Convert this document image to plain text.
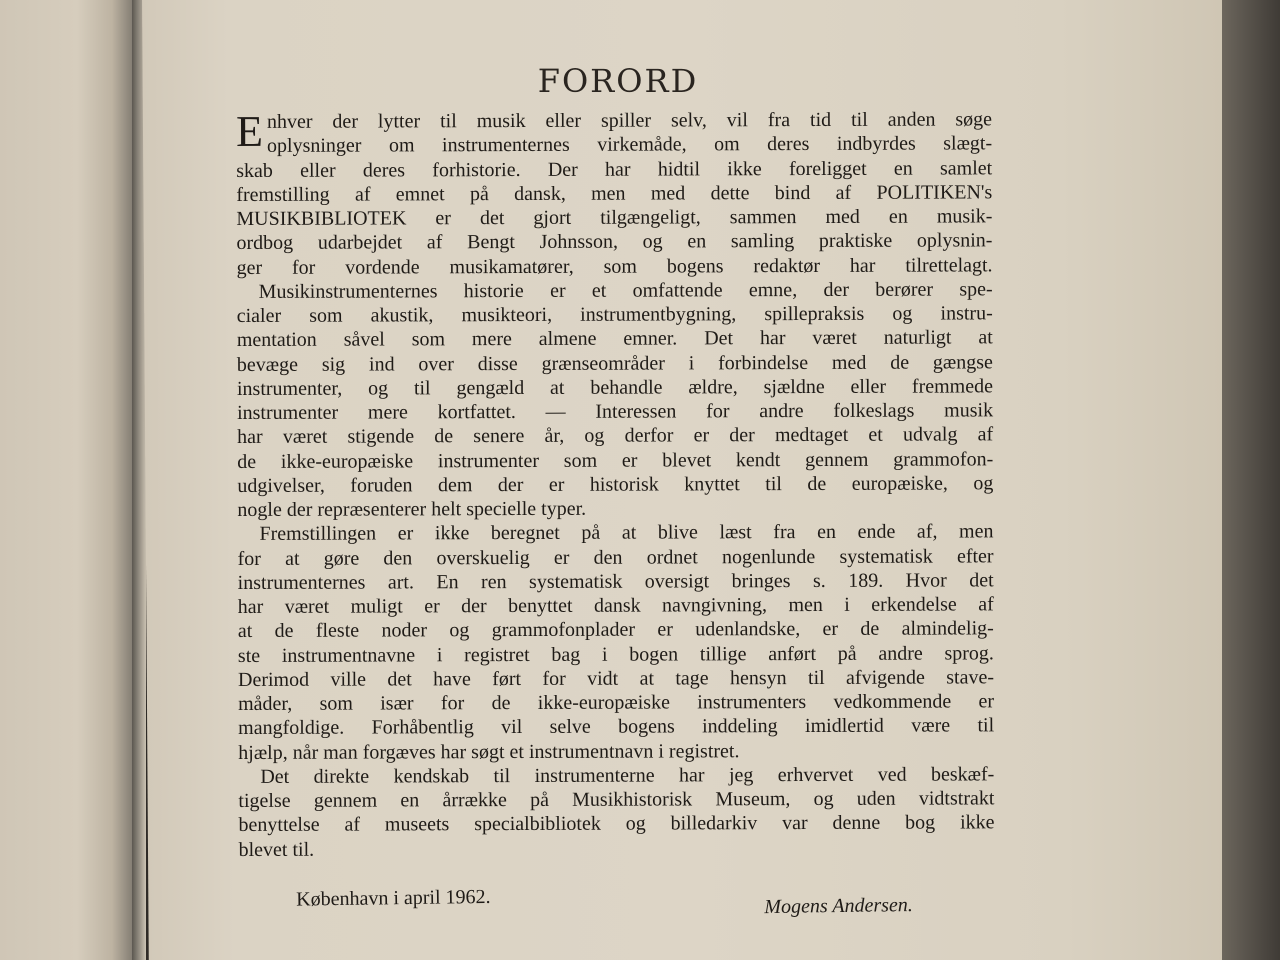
FORORD

E nhver der lytter til musik eller spiller selv, vil fra tid til anden søge
oplysninger om instrumenternes virkemåde, om deres indbyrdes slægt-
skab eller deres forhistorie. Der har hidtil ikke foreligget en samlet
fremstilling af emnet på dansk, men med dette bind af POLITIKEN's
MUSIKBIBLIOTEK er det gjort tilgængeligt, sammen med en musik-
ordbog udarbejdet af Bengt Johnsson, og en samling praktiske oplysnin-
ger for vordende musikamatører, som bogens redaktør har tilrettelagt.

Musikinstrumenternes historie er et omfattende emne, der berører spe-
cialer som akustik, musikteori, instrumentbygning, spillepraksis og instru-
mentation såvel som mere almene emner. Det har været naturligt at
bevæge sig ind over disse grænseområder i forbindelse med de gængse
instrumenter, og til gengæld at behandle ældre, sjældne eller fremmede
instrumenter mere kortfattet. — Interessen for andre folkeslags musik
har været stigende de senere år, og derfor er der medtaget et udvalg af
de ikke-europæiske instrumenter som er blevet kendt gennem grammofon-
udgivelser, foruden dem der er historisk knyttet til de europæiske, og
nogle der repræsenterer helt specielle typer.

Fremstillingen er ikke beregnet på at blive læst fra en ende af, men
for at gøre den overskuelig er den ordnet nogenlunde systematisk efter
instrumenternes art. En ren systematisk oversigt bringes s. 189. Hvor det
har været muligt er der benyttet dansk navngivning, men i erkendelse af
at de fleste noder og grammofonplader er udenlandske, er de almindelig-
ste instrumentnavne i registret bag i bogen tillige anført på andre sprog.
Derimod ville det have ført for vidt at tage hensyn til afvigende stave-
måder, som især for de ikke-europæiske instrumenters vedkommende er
mangfoldige. Forhåbentlig vil selve bogens inddeling imidlertid være til
hjælp, når man forgæves har søgt et instrumentnavn i registret.

Det direkte kendskab til instrumenterne har jeg erhvervet ved beskæf-
tigelse gennem en årrække på Musikhistorisk Museum, og uden vidtstrakt
benyttelse af museets specialbibliotek og billedarkiv var denne bog ikke
blevet til.

København i april 1962.	Mogens Andersen.
